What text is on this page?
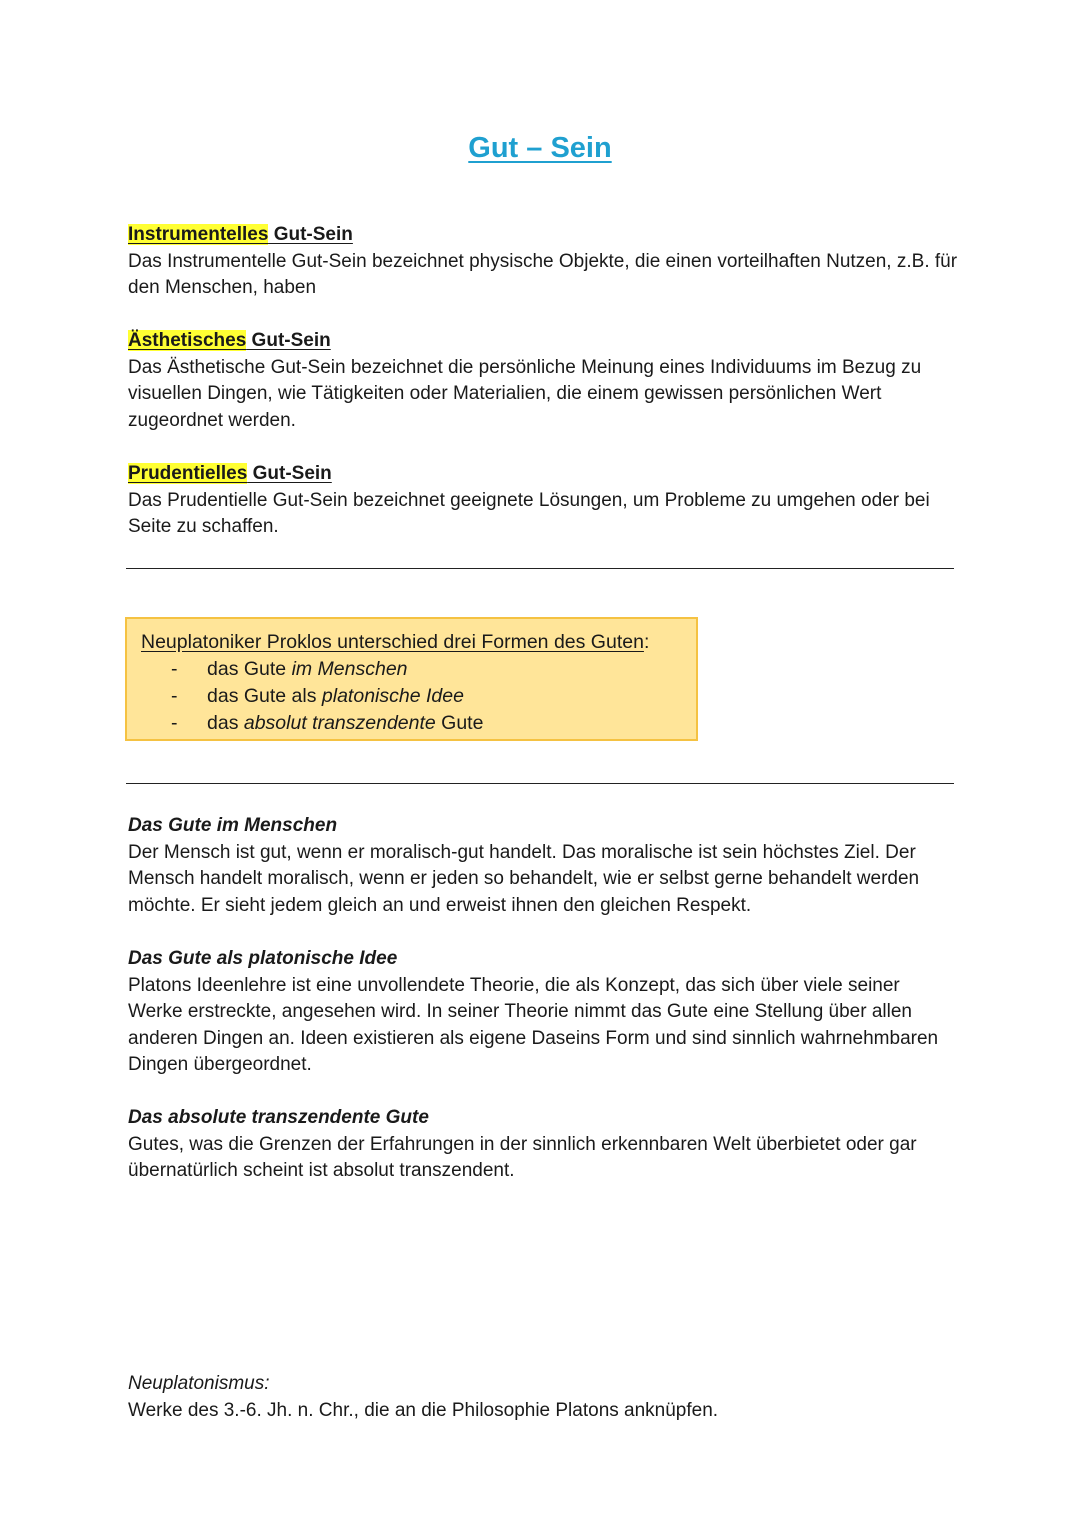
Gut – Sein
Instrumentelles Gut-Sein

Das Instrumentelle Gut-Sein bezeichnet physische Objekte, die einen vorteilhaften Nutzen, z.B. für den Menschen, haben

Ästhetisches Gut-Sein

Das Ästhetische Gut-Sein bezeichnet die persönliche Meinung eines Individuums im Bezug zu visuellen Dingen, wie Tätigkeiten oder Materialien, die einem gewissen persönlichen Wert zugeordnet werden.

Prudentielles Gut-Sein

Das Prudentielle Gut-Sein bezeichnet geeignete Lösungen, um Probleme zu umgehen oder bei Seite zu schaffen.

Neuplatoniker Proklos unterschied drei Formen des Guten:
- das Gute im Menschen
- das Gute als platonische Idee
- das absolut transzendente Gute
Das Gute im Menschen

Der Mensch ist gut, wenn er moralisch-gut handelt. Das moralische ist sein höchstes Ziel. Der Mensch handelt moralisch, wenn er jeden so behandelt, wie er selbst gerne behandelt werden möchte. Er sieht jedem gleich an und erweist ihnen den gleichen Respekt.

Das Gute als platonische Idee

Platons Ideenlehre ist eine unvollendete Theorie, die als Konzept, das sich über viele seiner Werke erstreckte, angesehen wird. In seiner Theorie nimmt das Gute eine Stellung über allen anderen Dingen an. Ideen existieren als eigene Daseins Form und sind sinnlich wahrnehmbaren Dingen übergeordnet.

Das absolute transzendente Gute

Gutes, was die Grenzen der Erfahrungen in der sinnlich erkennbaren Welt überbietet oder gar übernatürlich scheint ist absolut transzendent.

Neuplatonismus:

Werke des 3.-6. Jh. n. Chr., die an die Philosophie Platons anknüpfen.
